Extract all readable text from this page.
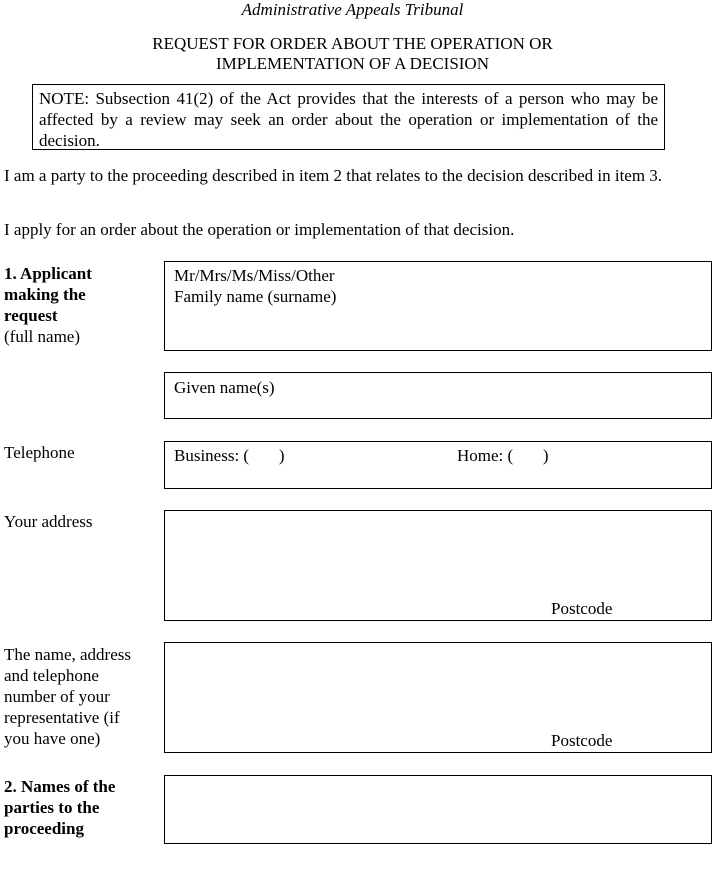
Administrative Appeals Tribunal
REQUEST FOR ORDER ABOUT THE OPERATION OR
IMPLEMENTATION OF A DECISION
NOTE: Subsection 41(2) of the Act provides that the interests of a person who may be affected by a review may seek an order about the operation or implementation of the decision.
I am a party to the proceeding described in item 2 that relates to the decision described in item 3.
I apply for an order about the operation or implementation of that decision.
1. Applicant making the request
(full name)
Mr/Mrs/Ms/Miss/Other
Family name (surname)
Given name(s)
Telephone	Business: (       )	Home: (       )
Your address
Postcode
The name, address and telephone number of your representative (if you have one)	Postcode
2. Names of the parties to the proceeding
